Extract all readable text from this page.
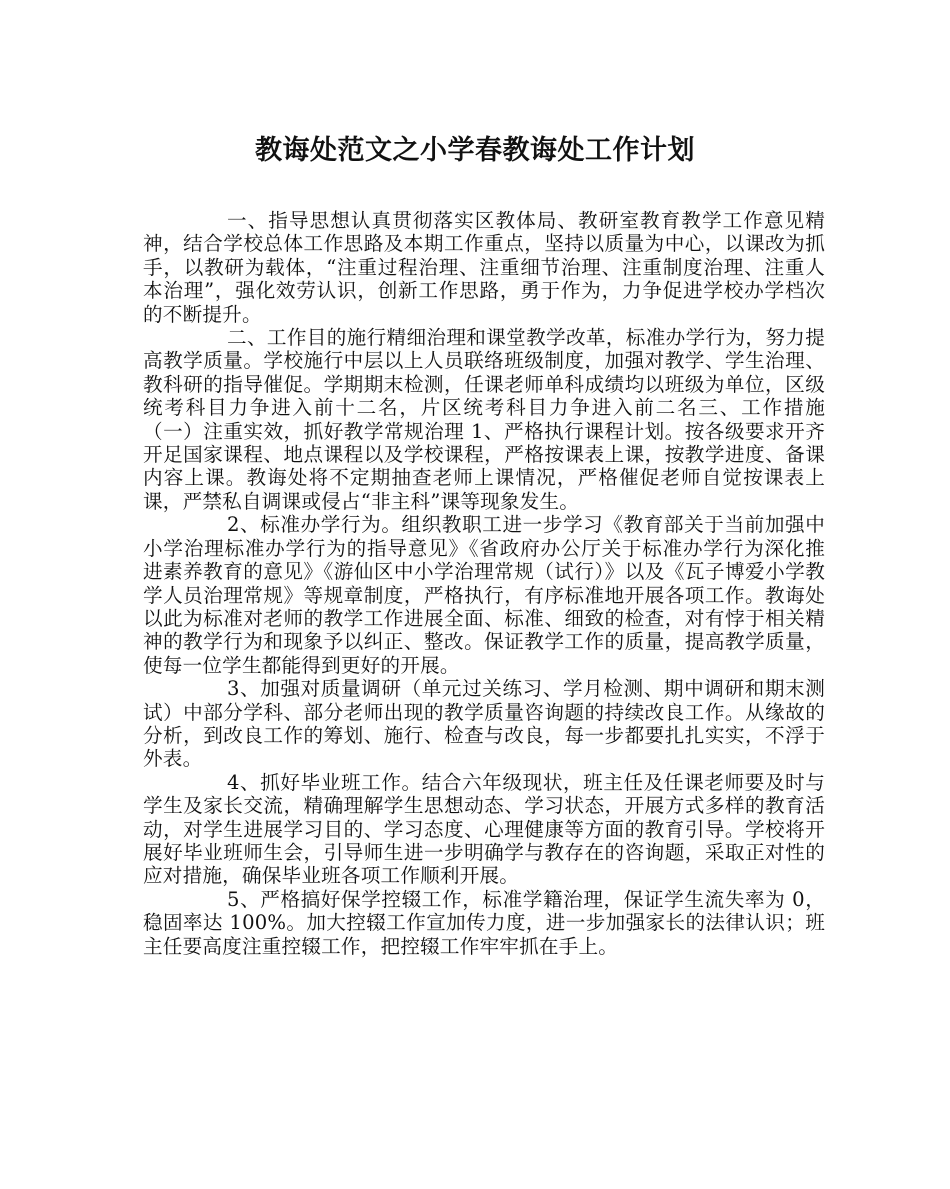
教诲处范文之小学春教诲处工作计划

一、指导思想认真贯彻落实区教体局、教研室教育教学工作意见精神，结合学校总体工作思路及本期工作重点，坚持以质量为中心，以课改为抓手，以教研为载体，“注重过程治理、注重细节治理、注重制度治理、注重人本治理”，强化效劳认识，创新工作思路，勇于作为，力争促进学校办学档次的不断提升。

二、工作目的施行精细治理和课堂教学改革，标准办学行为，努力提高教学质量。学校施行中层以上人员联络班级制度，加强对教学、学生治理、教科研的指导催促。学期期末检测，任课老师单科成绩均以班级为单位，区级统考科目力争进入前十二名，片区统考科目力争进入前二名三、工作措施（一）注重实效，抓好教学常规治理 1、严格执行课程计划。按各级要求开齐开足国家课程、地点课程以及学校课程，严格按课表上课，按教学进度、备课内容上课。教诲处将不定期抽查老师上课情况，严格催促老师自觉按课表上课，严禁私自调课或侵占“非主科”课等现象发生。

2、标准办学行为。组织教职工进一步学习《教育部关于当前加强中小学治理标准办学行为的指导意见》《省政府办公厅关于标准办学行为深化推进素养教育的意见》《游仙区中小学治理常规（试行）》以及《瓦子博爱小学教学人员治理常规》等规章制度，严格执行，有序标准地开展各项工作。教诲处以此为标准对老师的教学工作进展全面、标准、细致的检查，对有悖于相关精神的教学行为和现象予以纠正、整改。保证教学工作的质量，提高教学质量，使每一位学生都能得到更好的开展。

3、加强对质量调研（单元过关练习、学月检测、期中调研和期末测试）中部分学科、部分老师出现的教学质量咨询题的持续改良工作。从缘故的分析，到改良工作的筹划、施行、检查与改良，每一步都要扎扎实实，不浮于外表。

4、抓好毕业班工作。结合六年级现状，班主任及任课老师要及时与学生及家长交流，精确理解学生思想动态、学习状态，开展方式多样的教育活动，对学生进展学习目的、学习态度、心理健康等方面的教育引导。学校将开展好毕业班师生会，引导师生进一步明确学与教存在的咨询题，采取正对性的应对措施，确保毕业班各项工作顺利开展。

5、严格搞好保学控辍工作，标准学籍治理，保证学生流失率为 0，稳固率达 100%。加大控辍工作宣加传力度，进一步加强家长的法律认识；班主任要高度注重控辍工作，把控辍工作牢牢抓在手上。
